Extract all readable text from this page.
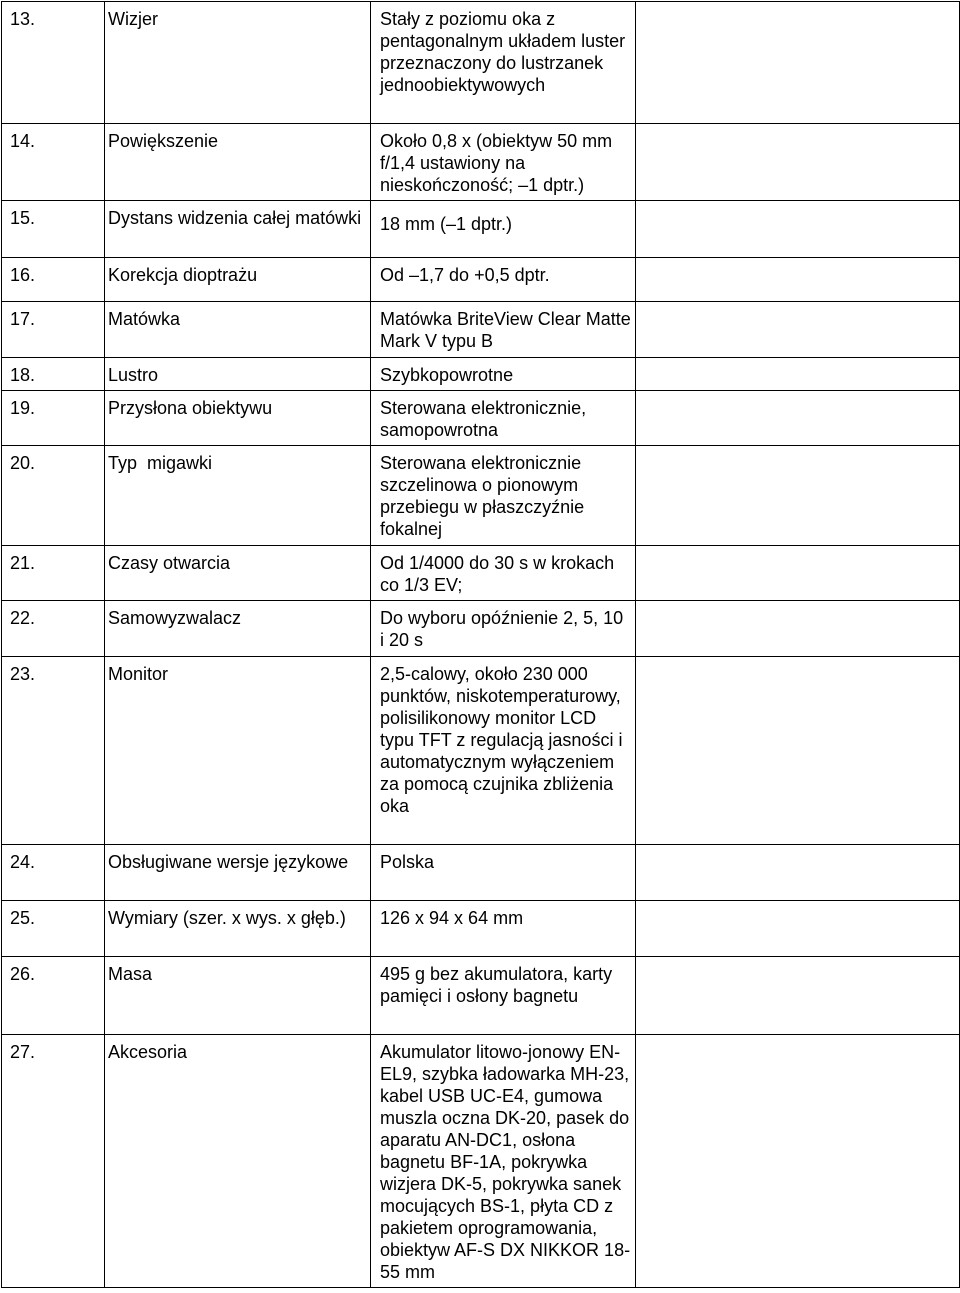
13.	Wizjer	Stały z poziomu oka z pentagonalnym układem luster przeznaczony do lustrzanek jednoobiektywowych	
14.	Powiększenie	Około 0,8 x (obiektyw 50 mm f/1,4 ustawiony na nieskończoność; –1 dptr.)	
15.	Dystans widzenia całej matówki	18 mm (–1 dptr.)	
16.	Korekcja dioptrażu	Od –1,7 do +0,5 dptr.	
17.	Matówka	Matówka BriteView Clear Matte Mark V typu B	
18.	Lustro	Szybkopowrotne	
19.	Przysłona obiektywu	Sterowana elektronicznie, samopowrotna	
20.	Typ  migawki	Sterowana elektronicznie szczelinowa o pionowym przebiegu w płaszczyźnie fokalnej	
21.	Czasy otwarcia	Od 1/4000 do 30 s w krokach co 1/3 EV;	
22.	Samowyzwalacz	Do wyboru opóźnienie 2, 5, 10 i 20 s	
23.	Monitor	2,5-calowy, około 230 000 punktów, niskotemperaturowy, polisilikonowy monitor LCD typu TFT z regulacją jasności i automatycznym wyłączeniem za pomocą czujnika zbliżenia oka	
24.	Obsługiwane wersje językowe	Polska	
25.	Wymiary (szer. x wys. x głęb.)	126 x 94 x 64 mm	
26.	Masa	495 g bez akumulatora, karty pamięci i osłony bagnetu	
27.	Akcesoria	Akumulator litowo-jonowy EN-EL9, szybka ładowarka MH-23, kabel USB UC-E4, gumowa muszla oczna DK-20, pasek do aparatu AN-DC1, osłona bagnetu BF-1A, pokrywka wizjera DK-5, pokrywka sanek mocujących BS-1, płyta CD z pakietem oprogramowania, obiektyw AF-S DX NIKKOR 18-55 mm	
